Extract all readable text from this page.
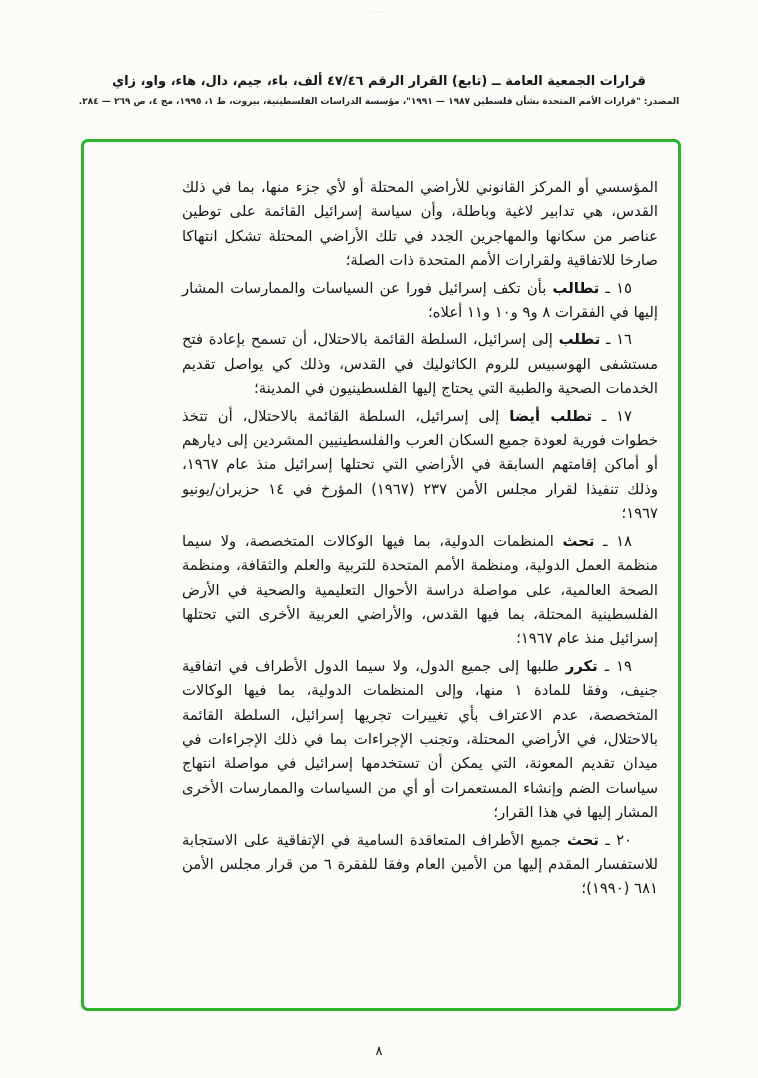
···
قرارات الجمعية العامة ــ (تابع) القرار الرقم ٤٧/٤٦ ألف، باء، جيم، دال، هاء، واو، زاي
المصدر: "قرارات الأمم المتحدة بشأن فلسطين ١٩٨٧ — ١٩٩١"، مؤسسة الدراسات الفلسطينية، بيروت، ط ١، ١٩٩٥، مج ٤، ص ٢٦٩ — ٢٨٤.

المؤسسي أو المركز القانوني للأراضي المحتلة أو لأي جزء منها، بما في ذلك القدس، هي تدابير لاغية وباطلة، وأن سياسة إسرائيل القائمة على توطين عناصر من سكانها والمهاجرين الجدد في تلك الأراضي المحتلة تشكل انتهاكا صارخا للاتفاقية ولقرارات الأمم المتحدة ذات الصلة؛

١٥ ـ تطالب بأن تكف إسرائيل فورا عن السياسات والممارسات المشار إليها في الفقرات ٨ و٩ و١٠ و١١ أعلاه؛

١٦ ـ تطلب إلى إسرائيل، السلطة القائمة بالاحتلال، أن تسمح بإعادة فتح مستشفى الهوسبيس للروم الكاثوليك في القدس، وذلك كي يواصل تقديم الخدمات الصحية والطبية التي يحتاج إليها الفلسطينيون في المدينة؛

١٧ ـ تطلب أيضا إلى إسرائيل، السلطة القائمة بالاحتلال، أن تتخذ خطوات فورية لعودة جميع السكان العرب والفلسطينيين المشردين إلى ديارهم أو أماكن إقامتهم السابقة في الأراضي التي تحتلها إسرائيل منذ عام ١٩٦٧، وذلك تنفيذا لقرار مجلس الأمن ٢٣٧ (١٩٦٧) المؤرخ في ١٤ حزيران/يونيو ١٩٦٧؛

١٨ ـ تحث المنظمات الدولية، بما فيها الوكالات المتخصصة، ولا سيما منظمة العمل الدولية، ومنظمة الأمم المتحدة للتربية والعلم والثقافة، ومنظمة الصحة العالمية، على مواصلة دراسة الأحوال التعليمية والصحية في الأرض الفلسطينية المحتلة، بما فيها القدس، والأراضي العربية الأخرى التي تحتلها إسرائيل منذ عام ١٩٦٧؛

١٩ ـ تكرر طلبها إلى جميع الدول، ولا سيما الدول الأطراف في اتفاقية جنيف، وفقا للمادة ١ منها، وإلى المنظمات الدولية، بما فيها الوكالات المتخصصة، عدم الاعتراف بأي تغييرات تجريها إسرائيل، السلطة القائمة بالاحتلال، في الأراضي المحتلة، وتجنب الإجراءات بما في ذلك الإجراءات في ميدان تقديم المعونة، التي يمكن أن تستخدمها إسرائيل في مواصلة انتهاج سياسات الضم وإنشاء المستعمرات أو أي من السياسات والممارسات الأخرى المشار إليها في هذا القرار؛

٢٠ ـ تحث جميع الأطراف المتعاقدة السامية في الإتفاقية على الاستجابة للاستفسار المقدم إليها من الأمين العام وفقا للفقرة ٦ من قرار مجلس الأمن ٦٨١ (١٩٩٠)؛

٨
